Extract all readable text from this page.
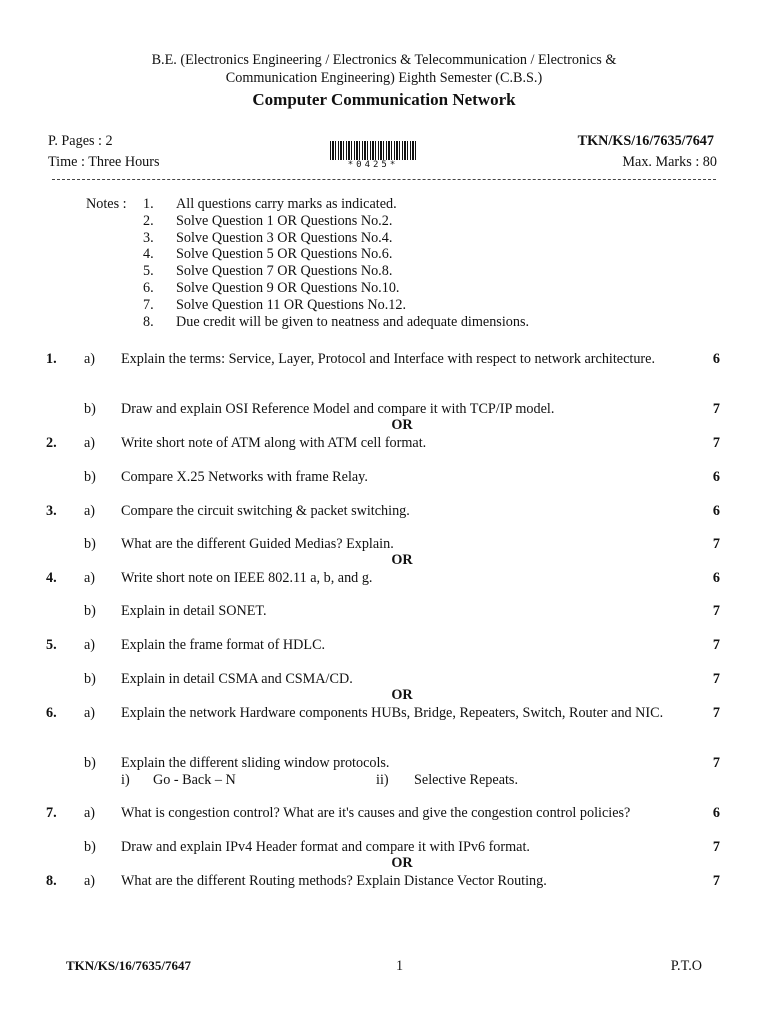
B.E. (Electronics Engineering / Electronics & Telecommunication / Electronics &
Communication Engineering) Eighth Semester (C.B.S.)
Computer Communication Network
P. Pages : 2
Time : Three Hours
TKN/KS/16/7635/7647
Max. Marks : 80
*0425*
Notes : 1. All questions carry marks as indicated.
2. Solve Question 1 OR Questions No.2.
3. Solve Question 3 OR Questions No.4.
4. Solve Question 5 OR Questions No.6.
5. Solve Question 7 OR Questions No.8.
6. Solve Question 9 OR Questions No.10.
7. Solve Question 11 OR Questions No.12.
8. Due credit will be given to neatness and adequate dimensions.
1. a) Explain the terms: Service, Layer, Protocol and Interface with respect to network architecture.	6
b) Draw and explain OSI Reference Model and compare it with TCP/IP model.	7
OR
2. a) Write short note of ATM along with ATM cell format.	7
b) Compare X.25 Networks with frame Relay.	6
3. a) Compare the circuit switching & packet switching.	6
b) What are the different Guided Medias? Explain.	7
OR
4. a) Write short note on IEEE 802.11 a, b, and g.	6
b) Explain in detail SONET.	7
5. a) Explain the frame format of HDLC.	7
b) Explain in detail CSMA and CSMA/CD.	7
OR
6. a) Explain the network Hardware components HUBs, Bridge, Repeaters, Switch, Router and NIC.	7
b) Explain the different sliding window protocols.	7
i) Go - Back – N	ii) Selective Repeats.
7. a) What is congestion control? What are it's causes and give the congestion control policies?	6
b) Draw and explain IPv4 Header format and compare it with IPv6 format.	7
OR
8. a) What are the different Routing methods? Explain Distance Vector Routing.	7
TKN/KS/16/7635/7647	1	P.T.O
